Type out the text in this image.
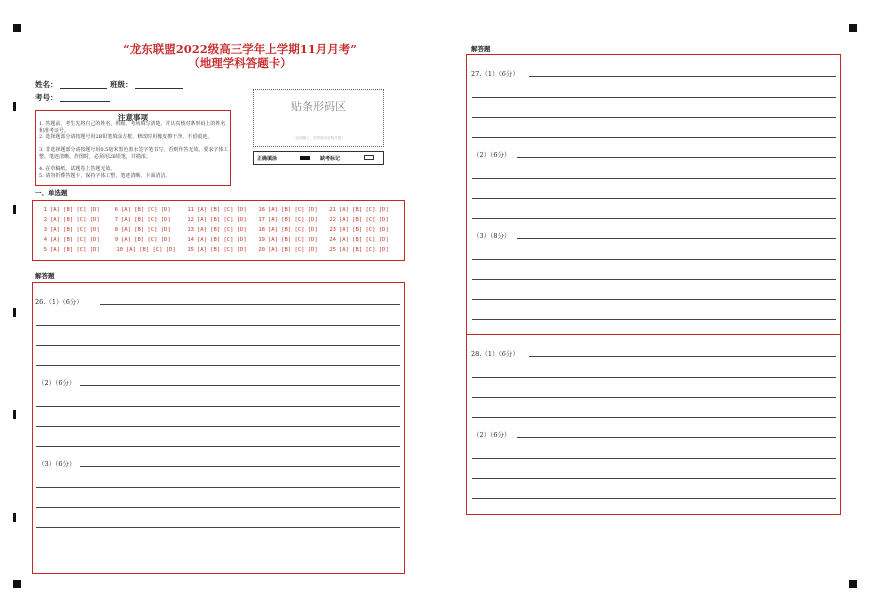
“龙东联盟2022级高三学年上学期11月月考”
（地理学科答题卡）
姓名：	班级：
考号：
注意事项
1. 答题前，考生先将自己的姓名、班级、考场填写清楚，并认真核对条形码上的姓名和准考证号。
2. 选择题部分请按题号用2B铅笔填涂方框，修改时用橡皮擦干净，不留痕迹。
3. 非选择题部分请按题号用0.5毫米黑色墨水签字笔书写，否则作答无效。要求字体工整、笔迹清晰。作图时，必须用2B铅笔，并描浓。
4. 在草稿纸、试题卷上答题无效。
5. 请勿折叠答题卡，保持字体工整、笔迹清晰、卡面清洁。
贴条形码区
（正面朝上，切勿贴出虚线方框）
正确填涂	缺考标记
一、单选题
1 [A] [B] [C] [D]
2 [A] [B] [C] [D]
3 [A] [B] [C] [D]
4 [A] [B] [C] [D]
5 [A] [B] [C] [D]
6 [A] [B] [C] [D]
7 [A] [B] [C] [D]
8 [A] [B] [C] [D]
9 [A] [B] [C] [D]
10 [A] [B] [C] [D]
11 [A] [B] [C] [D]
12 [A] [B] [C] [D]
13 [A] [B] [C] [D]
14 [A] [B] [C] [D]
15 [A] [B] [C] [D]
16 [A] [B] [C] [D]
17 [A] [B] [C] [D]
18 [A] [B] [C] [D]
19 [A] [B] [C] [D]
20 [A] [B] [C] [D]
21 [A] [B] [C] [D]
22 [A] [B] [C] [D]
23 [A] [B] [C] [D]
24 [A] [B] [C] [D]
25 [A] [B] [C] [D]
解答题
26.（1）（6分）
（2）（6分）
（3）（6分）
解答题
27.（1）（6分）
（2）（6分）
（3）（8分）
28.（1）（6分）
（2）（6分）
